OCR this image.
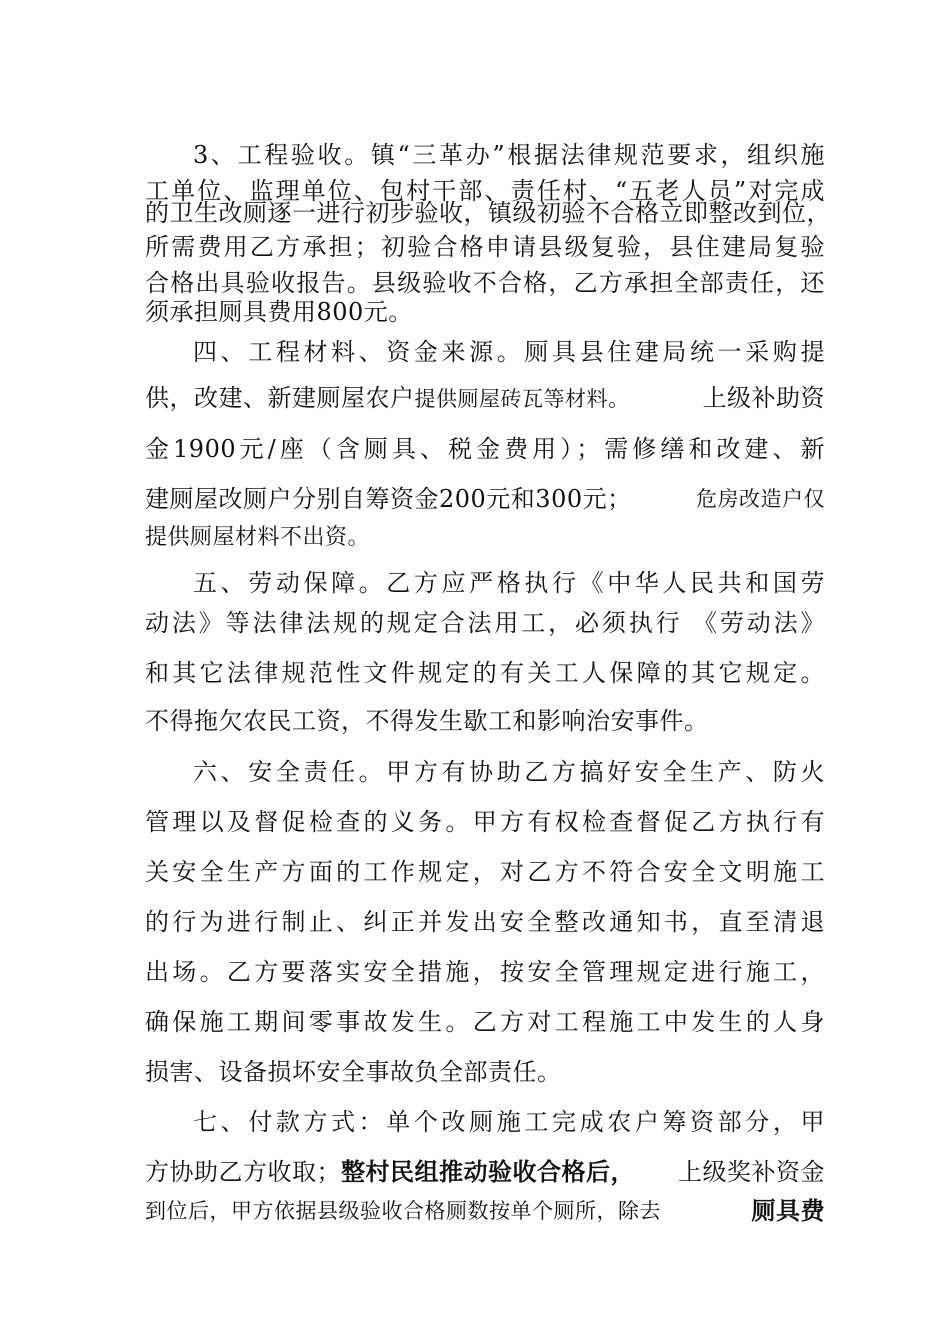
3、工程验收。镇“三革办”根据法律规范要求，组织施
工单位、监理单位、包村干部、责任村、“五老人员”对完成
的卫生改厕逐一进行初步验收，镇级初验不合格立即整改到位，
所需费用乙方承担；初验合格申请县级复验，县住建局复验
合格出具验收报告。县级验收不合格，乙方承担全部责任，还
须承担厕具费用800元。
四、工程材料、资金来源。厕具县住建局统一采购提
供，改建、新建厕屋农户提供厕屋砖瓦等材料。	上级补助资
金1900元/座（含厕具、税金费用）；需修缮和改建、新
建厕屋改厕户分别自筹资金200元和300元；	危房改造户仅
提供厕屋材料不出资。
五、劳动保障。乙方应严格执行《中华人民共和国劳
动法》等法律法规的规定合法用工，必须执行 《劳动法》
和其它法律规范性文件规定的有关工人保障的其它规定。
不得拖欠农民工资，不得发生歇工和影响治安事件。
六、安全责任。甲方有协助乙方搞好安全生产、防火
管理以及督促检查的义务。甲方有权检查督促乙方执行有
关安全生产方面的工作规定，对乙方不符合安全文明施工
的行为进行制止、纠正并发出安全整改通知书，直至清退
出场。乙方要落实安全措施，按安全管理规定进行施工，
确保施工期间零事故发生。乙方对工程施工中发生的人身
损害、设备损坏安全事故负全部责任。
七、付款方式：单个改厕施工完成农户筹资部分，甲
方协助乙方收取；整村民组推动验收合格后， 上级奖补资金
到位后，甲方依据县级验收合格厕数按单个厕所，除去	厕具费
